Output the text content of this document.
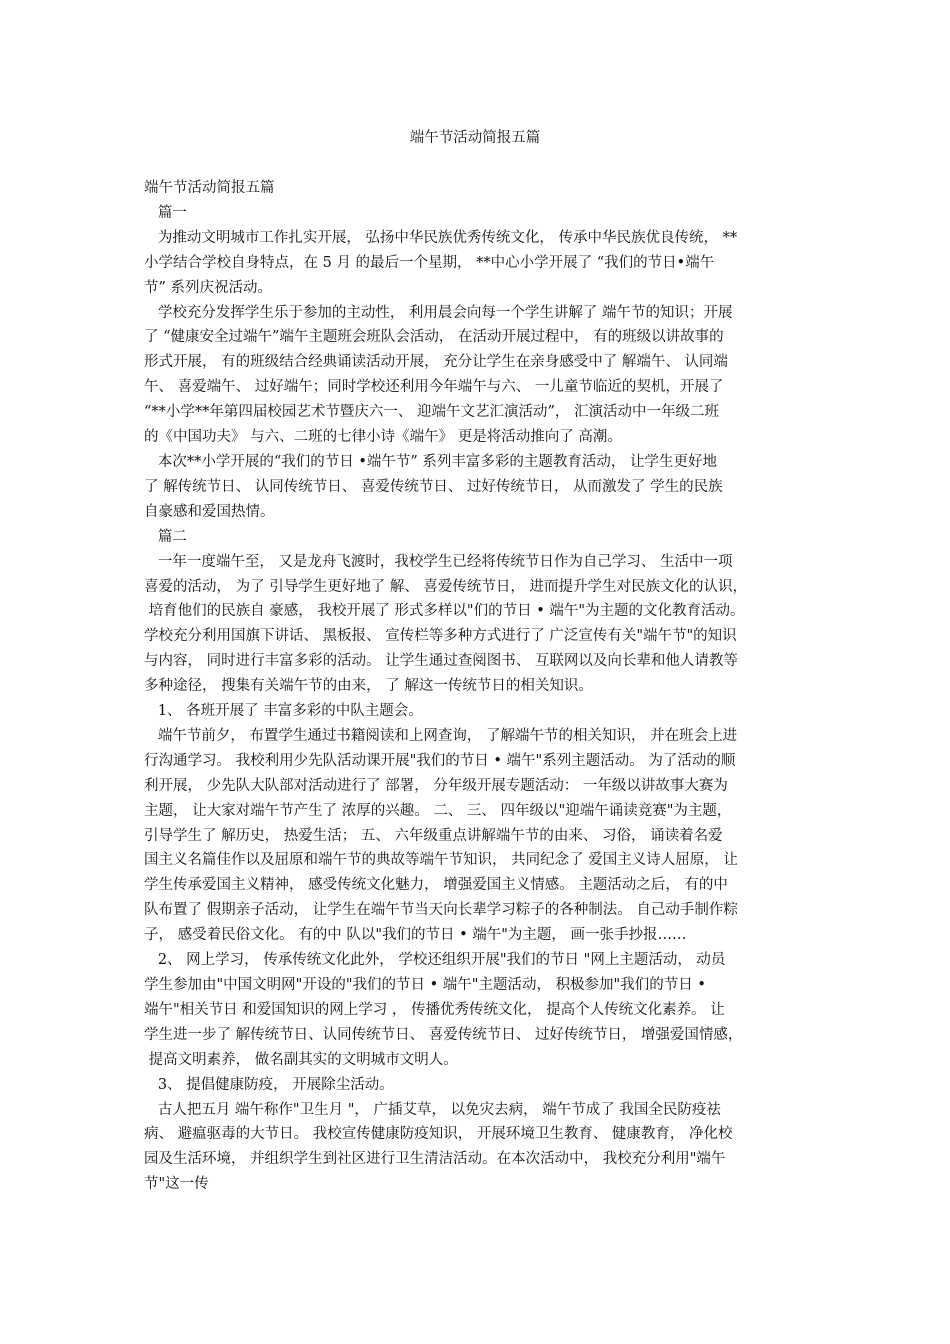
端午节活动简报五篇

端午节活动简报五篇

篇一

为推动文明城市工作扎实开展， 弘扬中华民族优秀传统文化， 传承中华民族优良传统， **

小学结合学校自身特点，在 5 月 的最后一个星期， **中心小学开展了 “我们的节日•端午

节” 系列庆祝活动。

学校充分发挥学生乐于参加的主动性， 利用晨会向每一个学生讲解了 端午节的知识；开展

了 “健康安全过端午”端午主题班会班队会活动， 在活动开展过程中， 有的班级以讲故事的

形式开展， 有的班级结合经典诵读活动开展， 充分让学生在亲身感受中了 解端午、 认同端

午、 喜爱端午、 过好端午；同时学校还利用今年端午与六、 一儿童节临近的契机，开展了

“**小学**年第四届校园艺术节暨庆六一、 迎端午文艺汇演活动”， 汇演活动中一年级二班

的《中国功夫》 与六、二班的七律小诗《端午》 更是将活动推向了 高潮。

本次**小学开展的“我们的节日 •端午节” 系列丰富多彩的主题教育活动， 让学生更好地

了 解传统节日、 认同传统节日、 喜爱传统节日、 过好传统节日， 从而激发了 学生的民族

自豪感和爱国热情。

篇二

一年一度端午至， 又是龙舟飞渡时，我校学生已经将传统节日作为自己学习、 生活中一项

喜爱的活动， 为了 引导学生更好地了 解、 喜爱传统节日， 进而提升学生对民族文化的认识，

培育他们的民族自 豪感， 我校开展了 形式多样以"们的节日 • 端午"为主题的文化教育活动。

学校充分利用国旗下讲话、 黑板报、 宣传栏等多种方式进行了 广泛宣传有关"端午节"的知识

与内容， 同时进行丰富多彩的活动。 让学生通过查阅图书、 互联网以及向长辈和他人请教等

多种途径， 搜集有关端午节的由来， 了 解这一传统节日的相关知识。

1、 各班开展了 丰富多彩的中队主题会。

端午节前夕， 布置学生通过书籍阅读和上网查询， 了解端午节的相关知识， 并在班会上进

行沟通学习。 我校利用少先队活动课开展"我们的节日 • 端午"系列主题活动。 为了活动的顺

利开展， 少先队大队部对活动进行了 部署， 分年级开展专题活动： 一年级以讲故事大赛为

主题， 让大家对端午节产生了 浓厚的兴趣。 二、 三、 四年级以"迎端午诵读竞赛"为主题，

引导学生了 解历史， 热爱生活； 五、 六年级重点讲解端午节的由来、 习俗， 诵读着名爱

国主义名篇佳作以及屈原和端午节的典故等端午节知识， 共同纪念了 爱国主义诗人屈原， 让

学生传承爱国主义精神， 感受传统文化魅力， 增强爱国主义情感。 主题活动之后， 有的中

队布置了 假期亲子活动， 让学生在端午节当天向长辈学习粽子的各种制法。 自己动手制作粽

子， 感受着民俗文化。 有的中 队以"我们的节日 • 端午"为主题， 画一张手抄报……

2、 网上学习， 传承传统文化此外， 学校还组织开展"我们的节日 "网上主题活动， 动员

学生参加由"中国文明网"开设的"我们的节日 • 端午"主题活动， 积极参加"我们的节日 •

端午"相关节日 和爱国知识的网上学习 ， 传播优秀传统文化， 提高个人传统文化素养。 让

学生进一步了 解传统节日、认同传统节日、 喜爱传统节日、 过好传统节日， 增强爱国情感，

提高文明素养， 做名副其实的文明城市文明人。

3、 提倡健康防疫， 开展除尘活动。

古人把五月 端午称作"卫生月 "， 广插艾草， 以免灾去病， 端午节成了 我国全民防疫祛

病、 避瘟驱毒的大节日。 我校宣传健康防疫知识， 开展环境卫生教育、 健康教育， 净化校

园及生活环境， 并组织学生到社区进行卫生清洁活动。在本次活动中， 我校充分利用"端午

节"这一传
